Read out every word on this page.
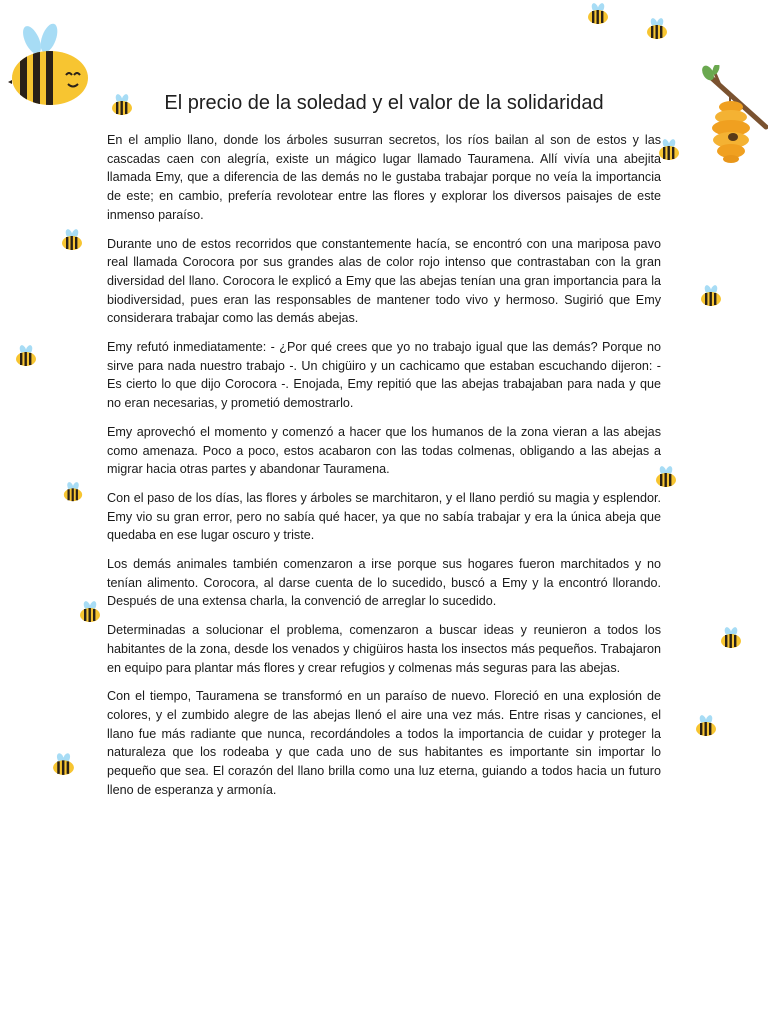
El precio de la soledad y el valor de la solidaridad

En el amplio llano, donde los árboles susurran secretos, los ríos bailan al son de estos y las cascadas caen con alegría, existe un mágico lugar llamado Tauramena. Allí vivía una abejita llamada Emy, que a diferencia de las demás no le gustaba trabajar porque no veía la importancia de este; en cambio, prefería revolotear entre las flores y explorar los diversos paisajes de este inmenso paraíso.

Durante uno de estos recorridos que constantemente hacía, se encontró con una mariposa pavo real llamada Corocora por sus grandes alas de color rojo intenso que contrastaban con la gran diversidad del llano. Corocora le explicó a Emy que las abejas tenían una gran importancia para la biodiversidad, pues eran las responsables de mantener todo vivo y hermoso. Sugirió que Emy considerara trabajar como las demás abejas.

Emy refutó inmediatamente: - ¿Por qué crees que yo no trabajo igual que las demás? Porque no sirve para nada nuestro trabajo -. Un chigüiro y un cachicamo que estaban escuchando dijeron: - Es cierto lo que dijo Corocora -. Enojada, Emy repitió que las abejas trabajaban para nada y que no eran necesarias, y prometió demostrarlo.

Emy aprovechó el momento y comenzó a hacer que los humanos de la zona vieran a las abejas como amenaza. Poco a poco, estos acabaron con las todas colmenas, obligando a las abejas a migrar hacia otras partes y abandonar Tauramena.

Con el paso de los días, las flores y árboles se marchitaron, y el llano perdió su magia y esplendor. Emy vio su gran error, pero no sabía qué hacer, ya que no sabía trabajar y era la única abeja que quedaba en ese lugar oscuro y triste.

Los demás animales también comenzaron a irse porque sus hogares fueron marchitados y no tenían alimento. Corocora, al darse cuenta de lo sucedido, buscó a Emy y la encontró llorando. Después de una extensa charla, la convenció de arreglar lo sucedido.

Determinadas a solucionar el problema, comenzaron a buscar ideas y reunieron a todos los habitantes de la zona, desde los venados y chigüiros hasta los insectos más pequeños. Trabajaron en equipo para plantar más flores y crear refugios y colmenas más seguras para las abejas.

Con el tiempo, Tauramena se transformó en un paraíso de nuevo. Floreció en una explosión de colores, y el zumbido alegre de las abejas llenó el aire una vez más. Entre risas y canciones, el llano fue más radiante que nunca, recordándoles a todos la importancia de cuidar y proteger la naturaleza que los rodeaba y que cada uno de sus habitantes es importante sin importar lo pequeño que sea. El corazón del llano brilla como una luz eterna, guiando a todos hacia un futuro lleno de esperanza y armonía.
